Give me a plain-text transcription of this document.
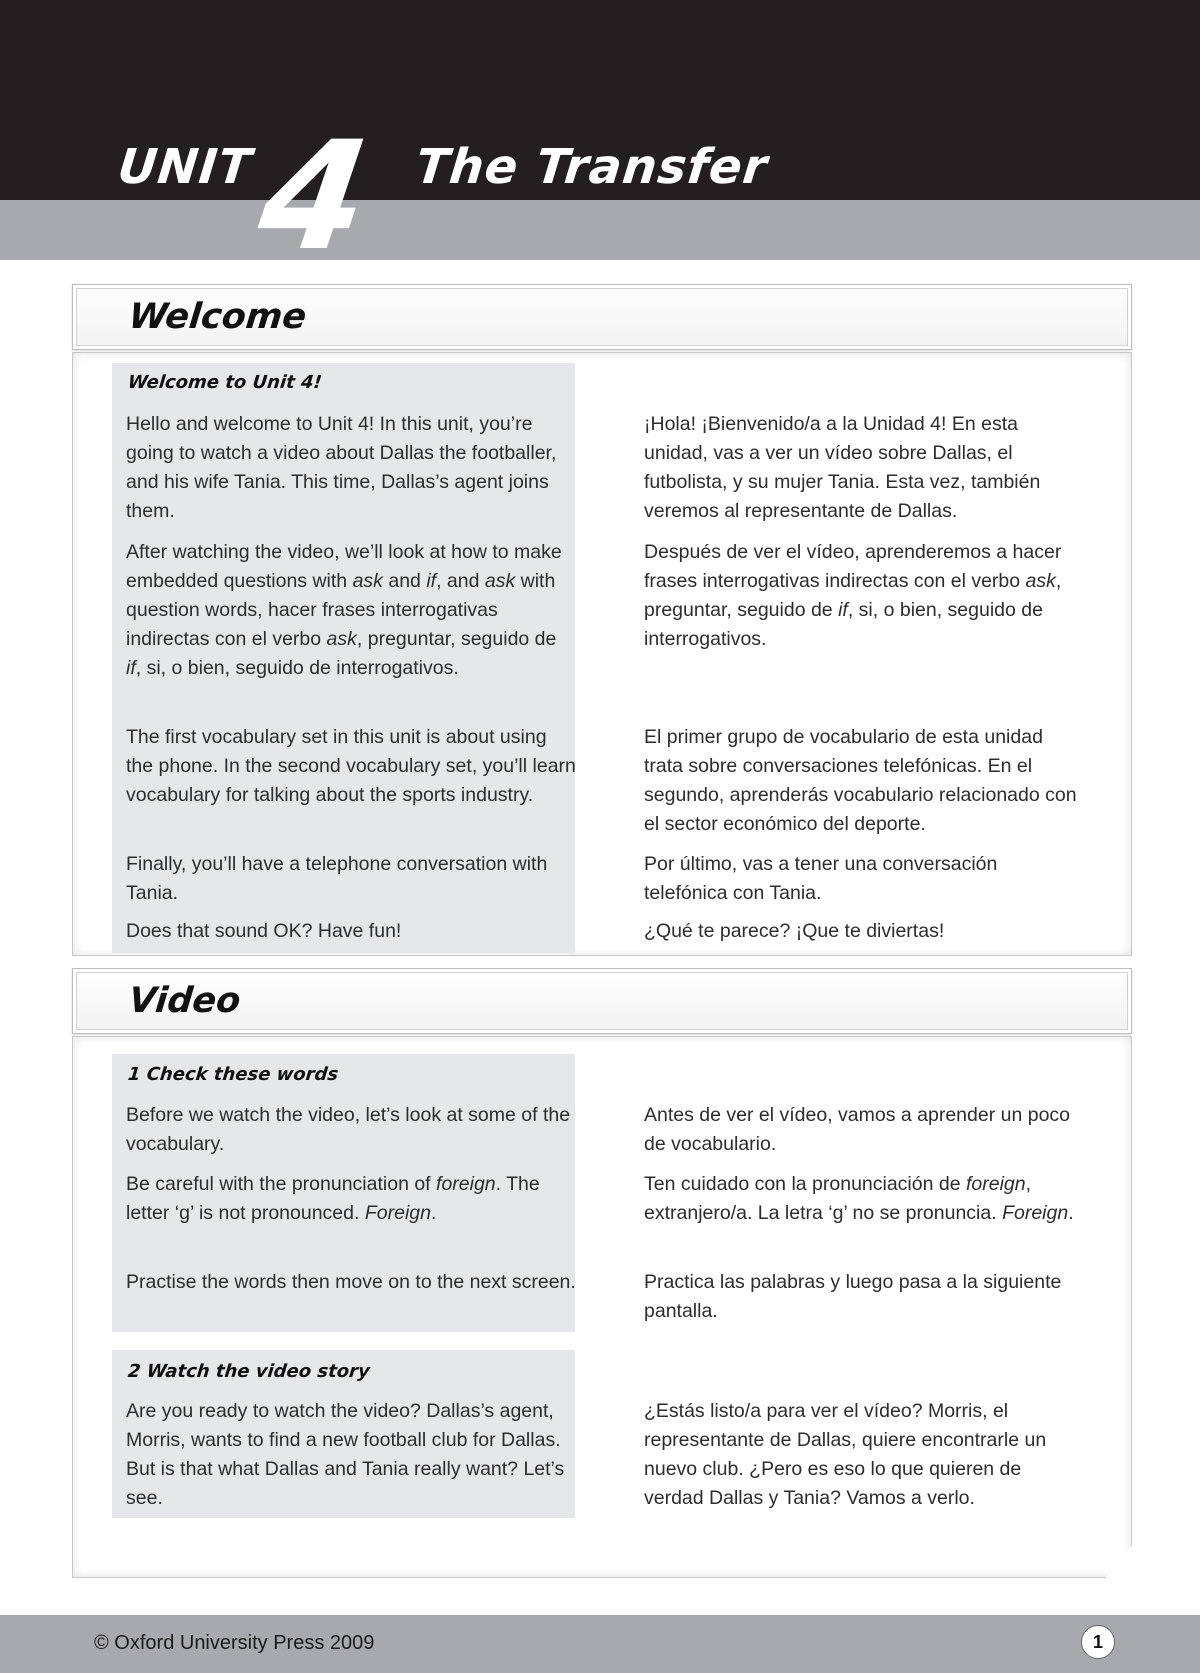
UNIT
4 The Transfer
Welcome
Welcome to Unit 4!

Hello and welcome to Unit 4! In this unit, you’re going to watch a video about Dallas the footballer, and his wife Tania. This time, Dallas’s agent joins them.

After watching the video, we’ll look at how to make embedded questions with ask and if, and ask with question words, hacer frases interrogativas indirectas con el verbo ask, preguntar, seguido de if, si, o bien, seguido de interrogativos.

The first vocabulary set in this unit is about using the phone. In the second vocabulary set, you’ll learn vocabulary for talking about the sports industry.

Finally, you’ll have a telephone conversation with Tania.

Does that sound OK? Have fun!

¡Hola! ¡Bienvenido/a a la Unidad 4! En esta unidad, vas a ver un vídeo sobre Dallas, el futbolista, y su mujer Tania. Esta vez, también veremos al representante de Dallas.

Después de ver el vídeo, aprenderemos a hacer frases interrogativas indirectas con el verbo ask, preguntar, seguido de if, si, o bien, seguido de interrogativos.

El primer grupo de vocabulario de esta unidad trata sobre conversaciones telefónicas. En el segundo, aprenderás vocabulario relacionado con el sector económico del deporte.

Por último, vas a tener una conversación telefónica con Tania.

¿Qué te parece? ¡Que te diviertas!

Video
1 Check these words

Before we watch the video, let’s look at some of the vocabulary.

Be careful with the pronunciation of foreign. The letter ‘g’ is not pronounced. Foreign.

Practise the words then move on to the next screen.

Antes de ver el vídeo, vamos a aprender un poco de vocabulario.

Ten cuidado con la pronunciación de foreign, extranjero/a. La letra ‘g’ no se pronuncia. Foreign.

Practica las palabras y luego pasa a la siguiente pantalla.

2 Watch the video story

Are you ready to watch the video? Dallas’s agent, Morris, wants to find a new football club for Dallas. But is that what Dallas and Tania really want? Let’s see.

¿Estás listo/a para ver el vídeo? Morris, el representante de Dallas, quiere encontrarle un nuevo club. ¿Pero es eso lo que quieren de verdad Dallas y Tania? Vamos a verlo.

© Oxford University Press 2009	1
